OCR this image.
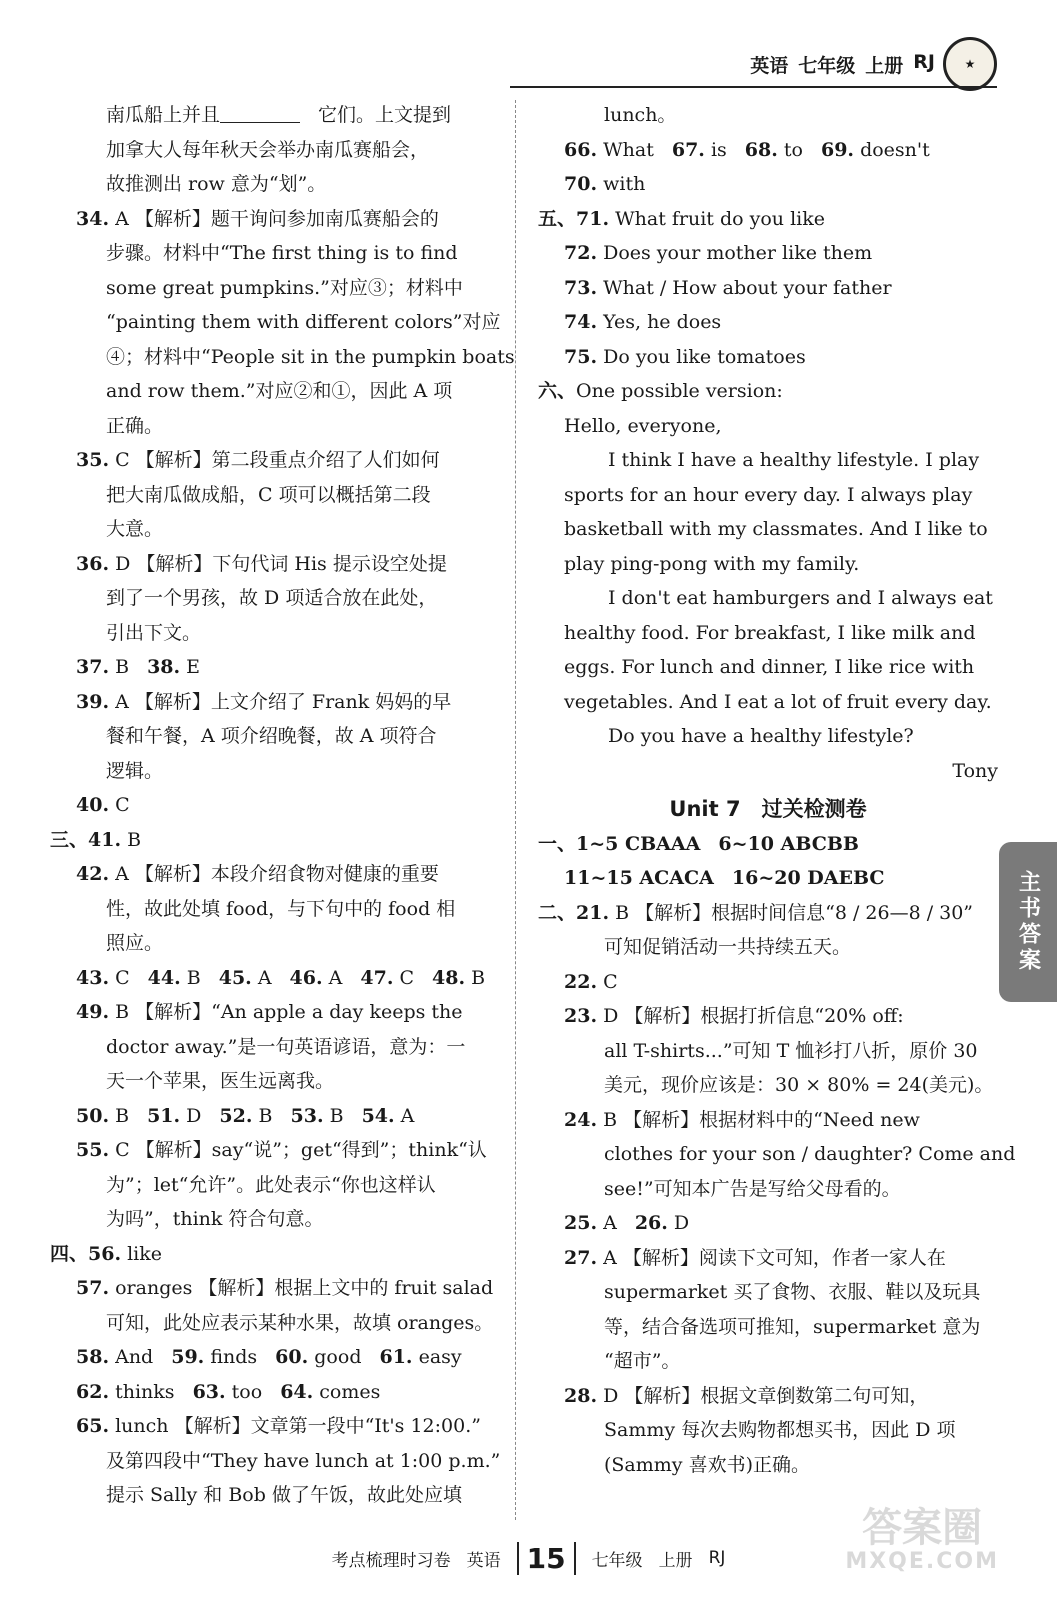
英语 七年级 上册 RJ	★
南瓜船上并且	它们。上文提到
加拿大人每年秋天会举办南瓜赛船会，
故推测出 row 意为“划”。
34. A 【解析】题干询问参加南瓜赛船会的
步骤。材料中“The first thing is to find
some great pumpkins.”对应③；材料中
“painting them with different colors”对应
④；材料中“People sit in the pumpkin boats
and row them.”对应②和①，因此 A 项
正确。
35. C 【解析】第二段重点介绍了人们如何
把大南瓜做成船，C 项可以概括第二段
大意。
36. D 【解析】下句代词 His 提示设空处提
到了一个男孩，故 D 项适合放在此处，
引出下文。
37. B 38. E
39. A 【解析】上文介绍了 Frank 妈妈的早
餐和午餐，A 项介绍晚餐，故 A 项符合
逻辑。
40. C
三、41. B
42. A 【解析】本段介绍食物对健康的重要
性，故此处填 food，与下句中的 food 相
照应。
43. C 44. B 45. A 46. A 47. C 48. B
49. B 【解析】“An apple a day keeps the
doctor away.”是一句英语谚语，意为：一
天一个苹果，医生远离我。
50. B 51. D 52. B 53. B 54. A
55. C 【解析】say“说”；get“得到”；think“认
为”；let“允许”。此处表示“你也这样认
为吗”，think 符合句意。
四、56. like
57. oranges 【解析】根据上文中的 fruit salad
可知，此处应表示某种水果，故填 oranges。
58. And 59. finds 60. good 61. easy
62. thinks 63. too 64. comes
65. lunch 【解析】文章第一段中“It's 12:00.”
及第四段中“They have lunch at 1:00 p.m.”
提示 Sally 和 Bob 做了午饭，故此处应填
lunch。
66. What 67. is 68. to 69. doesn't
70. with
五、71. What fruit do you like
72. Does your mother like them
73. What / How about your father
74. Yes, he does
75. Do you like tomatoes
六、One possible version:
Hello, everyone,
I think I have a healthy lifestyle. I play
sports for an hour every day. I always play
basketball with my classmates. And I like to
play ping-pong with my family.
I don't eat hamburgers and I always eat
healthy food. For breakfast, I like milk and
eggs. For lunch and dinner, I like rice with
vegetables. And I eat a lot of fruit every day.
Do you have a healthy lifestyle?
Tony
Unit 7　过关检测卷
一、1~5 CBAAA 6~10 ABCBB
11~15 ACACA 16~20 DAEBC
二、21. B 【解析】根据时间信息“8 / 26—8 / 30”
可知促销活动一共持续五天。
22. C
23. D 【解析】根据打折信息“20% off:
all T-shirts...”可知 T 恤衫打八折，原价 30
美元，现价应该是：30 × 80% = 24(美元)。
24. B 【解析】根据材料中的“Need new
clothes for your son / daughter? Come and
see!”可知本广告是写给父母看的。
25. A 26. D
27. A 【解析】阅读下文可知，作者一家人在
supermarket 买了食物、衣服、鞋以及玩具
等，结合备选项可推知，supermarket 意为
“超市”。
28. D 【解析】根据文章倒数第二句可知，
Sammy 每次去购物都想买书，因此 D 项
(Sammy 喜欢书)正确。
主书答案
考点梳理时习卷 英语 15	七年级 上册 RJ
答案圈
MXQE.COM
